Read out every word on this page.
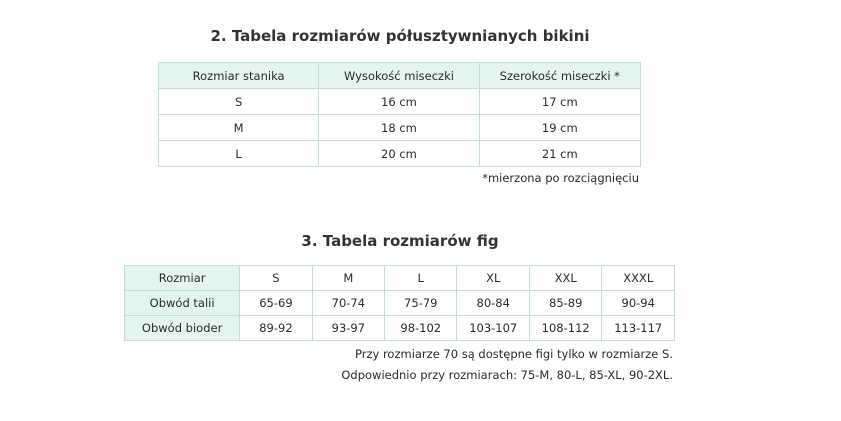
2. Tabela rozmiarów półusztywnianych bikini
Rozmiar stanika	Wysokość miseczki	Szerokość miseczki *
S	16 cm	17 cm
M	18 cm	19 cm
L	20 cm	21 cm
*mierzona po rozciągnięciu
3. Tabela rozmiarów fig
Rozmiar	S	M	L	XL	XXL	XXXL
Obwód talii	65-69	70-74	75-79	80-84	85-89	90-94
Obwód bioder	89-92	93-97	98-102	103-107	108-112	113-117
Przy rozmiarze 70 są dostępne figi tylko w rozmiarze S.
Odpowiednio przy rozmiarach: 75-M, 80-L, 85-XL, 90-2XL.
